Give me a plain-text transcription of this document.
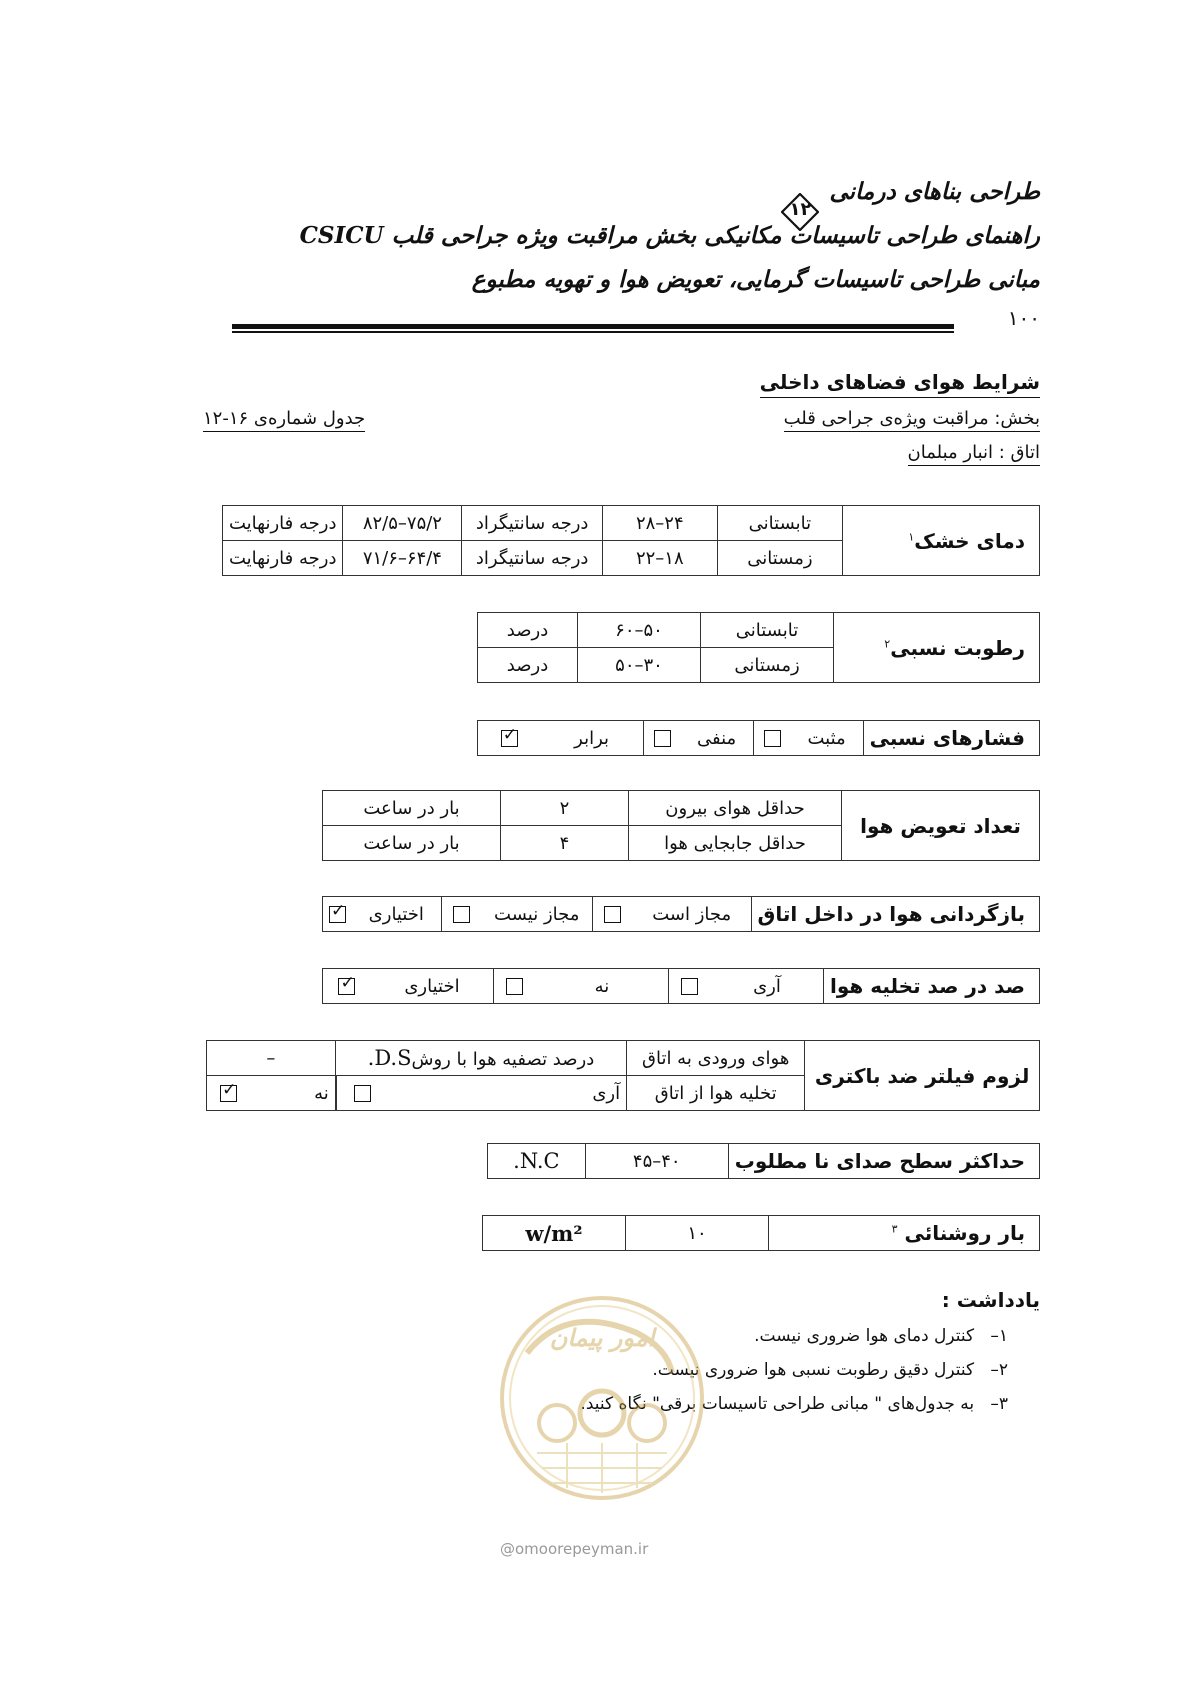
طراحی بناهای درمانی
۱۲
راهنمای طراحی تاسیسات مکانیکی بخش مراقبت ویژه جراحی قلب CSICU
مبانی طراحی تاسیسات گرمایی، تعویض هوا و تهویه مطبوع
۱۰۰
شرایط هوای فضاهای داخلی
بخش: مراقبت ویژه‌ی جراحی قلب
اتاق : انبار مبلمان
جدول شماره‌ی ۱۶-۱۲
دمای خشک$^۱$	تابستانی	۲۴–۲۸	درجه سانتیگراد	۷۵/۲–۸۲/۵	درجه فارنهایت
	زمستانی	۱۸–۲۲	درجه سانتیگراد	۶۴/۴–۷۱/۶	درجه فارنهایت
رطوبت نسبی$^۲$	تابستانی	۵۰–۶۰	درصد
	زمستانی	۳۰–۵۰	درصد
فشارهای نسبی	مثبت		منفی		برابر	✓
تعداد تعویض هوا	حداقل هوای بیرون	۲	بار در ساعت
	حداقل جابجایی هوا	۴	بار در ساعت
بازگردانی هوا در داخل اتاق	مجاز است		مجاز نیست		اختیاری	✓
صد در صد تخلیه هوا	آری		نه		اختیاری	✓
لزوم فیلتر ضد باکتری	هوای ورودی به اتاق	درصد تصفیه هوا با روشD.S.		–	
	تخلیه هوا از اتاق	آری			نه	✓
حداکثر سطح صدای نا مطلوب	۴۰–۴۵	N.C.
بار روشنائی $^۳$	۱۰	w/m²
یادداشت :
۱–   کنترل دمای هوا ضروری نیست.
۲–   کنترل دقیق رطوبت نسبی هوا ضروری نیست.
۳–   به جدول‌های " مبانی طراحی تاسیسات برقی" نگاه کنید.
امور پیمان
@omoorepeyman.ir
